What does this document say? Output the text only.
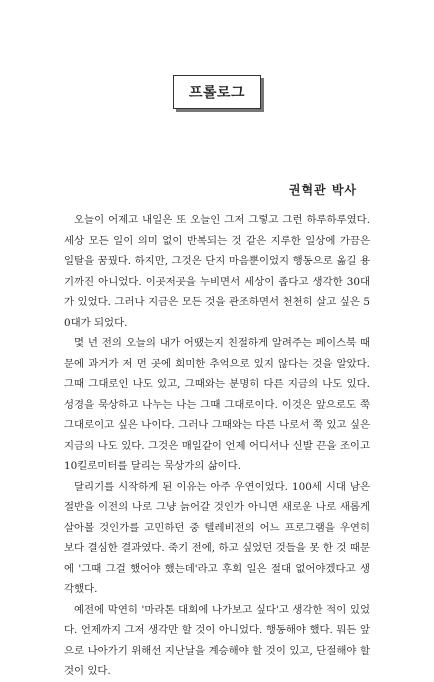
프롤로그
권혁관 박사

오늘이 어제고 내일은 또 오늘인 그저 그렇고 그런 하루하루였다. 세상 모든 일이 의미 없이 반복되는 것 같은 지루한 일상에 가끔은 일탈을 꿈꿨다. 하지만, 그것은 단지 마음뿐이었지 행동으로 옮길 용기까진 아니었다. 이곳저곳을 누비면서 세상이 좁다고 생각한 30대가 있었다. 그러나 지금은 모든 것을 관조하면서 천천히 살고 싶은 50대가 되었다.

몇 년 전의 오늘의 내가 어땠는지 친절하게 알려주는 페이스북 때문에 과거가 저 먼 곳에 희미한 추억으로 있지 않다는 것을 알았다. 그때 그대로인 나도 있고, 그때와는 분명히 다른 지금의 나도 있다. 성경을 묵상하고 나누는 나는 그때 그대로이다. 이것은 앞으로도 쭉 그대로이고 싶은 나이다. 그러나 그때와는 다른 나로서 쭉 있고 싶은 지금의 나도 있다. 그것은 매일같이 언제 어디서나 신발 끈을 조이고 10킬로미터를 달리는 묵상가의 삶이다.

달리기를 시작하게 된 이유는 아주 우연이었다. 100세 시대 남은 절반을 이전의 나로 그냥 늙어갈 것인가 아니면 새로운 나로 새롭게 살아볼 것인가를 고민하던 중 텔레비전의 어느 프로그램을 우연히 보다 결심한 결과였다. 죽기 전에, 하고 싶었던 것들을 못 한 것 때문에 '그때 그걸 했어야 했는데'라고 후회 일은 절대 없어야겠다고 생각했다.

예전에 막연히 '마라톤 대회에 나가보고 싶다'고 생각한 적이 있었다. 언제까지 그저 생각만 할 것이 아니었다. 행동해야 했다. 뭐든 앞으로 나아가기 위해선 지난날을 계승해야 할 것이 있고, 단절해야 할 것이 있다.
